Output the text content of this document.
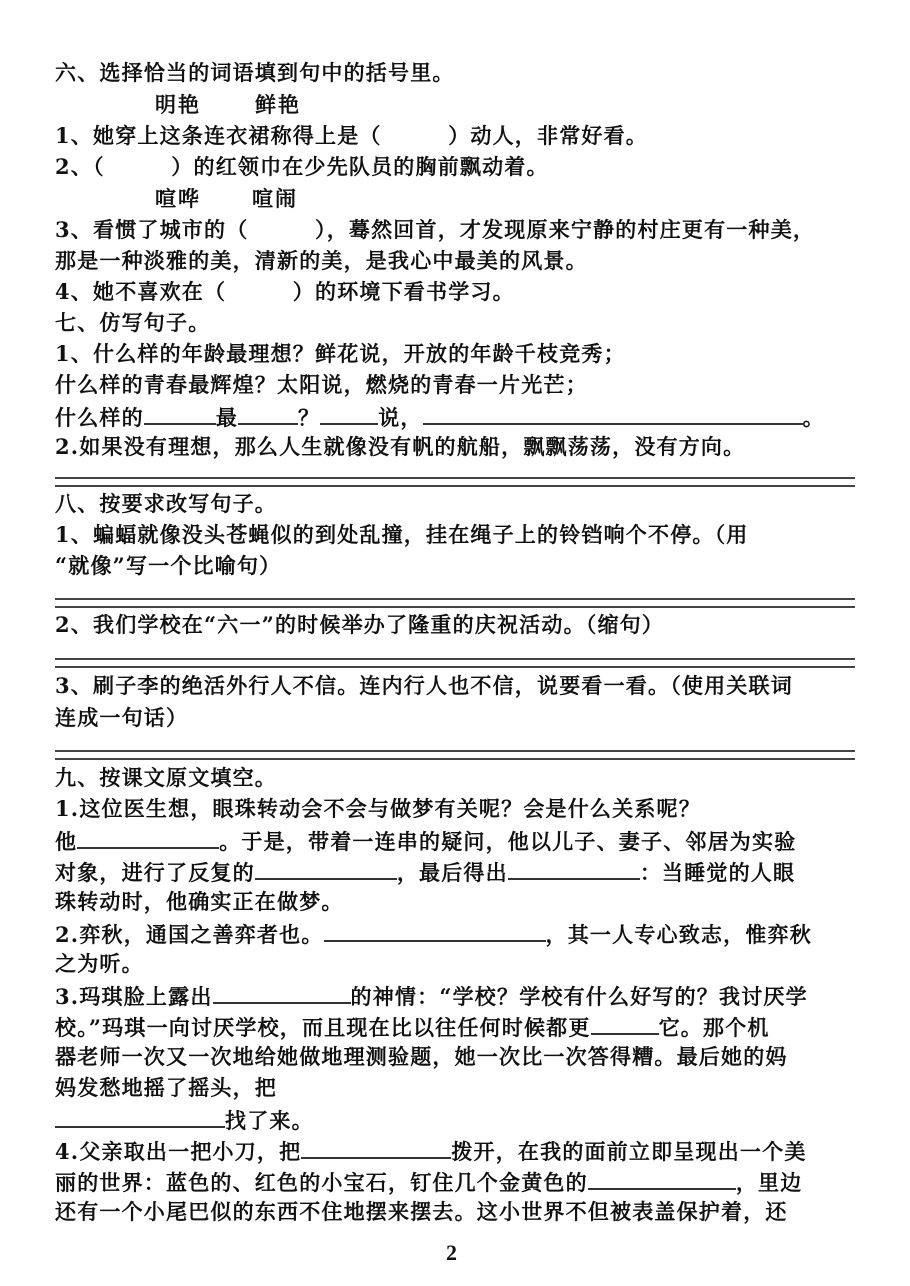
六、选择恰当的词语填到句中的括号里。
明艳	鲜艳
1、她穿上这条连衣裙称得上是（　　　）动人，非常好看。
2、（　　　）的红领巾在少先队员的胸前飘动着。
喧哗 喧闹
3、看惯了城市的（　　　），蓦然回首，才发现原来宁静的村庄更有一种美，
那是一种淡雅的美，清新的美，是我心中最美的风景。
4、她不喜欢在（　　　）的环境下看书学习。
七、仿写句子。
1、什么样的年龄最理想？鲜花说，开放的年龄千枝竞秀；
什么样的青春最辉煌？太阳说，燃烧的青春一片光芒；
什么样的	最	？	说，	。
2.如果没有理想，那么人生就像没有帆的航船，飘飘荡荡，没有方向。
八、按要求改写句子。
1、蝙蝠就像没头苍蝇似的到处乱撞，挂在绳子上的铃铛响个不停。（用
“就像”写一个比喻句）
2、我们学校在“六一”的时候举办了隆重的庆祝活动。（缩句）
3、刷子李的绝活外行人不信。连内行人也不信，说要看一看。（使用关联词
连成一句话）
九、按课文原文填空。
1.这位医生想，眼珠转动会不会与做梦有关呢？会是什么关系呢？
他	。于是，带着一连串的疑问，他以儿子、妻子、邻居为实验
对象，进行了反复的	，最后得出	：当睡觉的人眼
珠转动时，他确实正在做梦。
2.弈秋，通国之善弈者也。	，其一人专心致志，惟弈秋
之为听。
3.玛琪脸上露出	的神情：“学校？学校有什么好写的？我讨厌学
校。”玛琪一向讨厌学校，而且现在比以往任何时候都更	它。那个机
器老师一次又一次地给她做地理测验题，她一次比一次答得糟。最后她的妈
妈发愁地摇了摇头，把
找了来。
4.父亲取出一把小刀，把	拨开，在我的面前立即呈现出一个美
丽的世界：蓝色的、红色的小宝石，钉住几个金黄色的	，里边
还有一个小尾巴似的东西不住地摆来摆去。这小世界不但被表盖保护着，还
2
